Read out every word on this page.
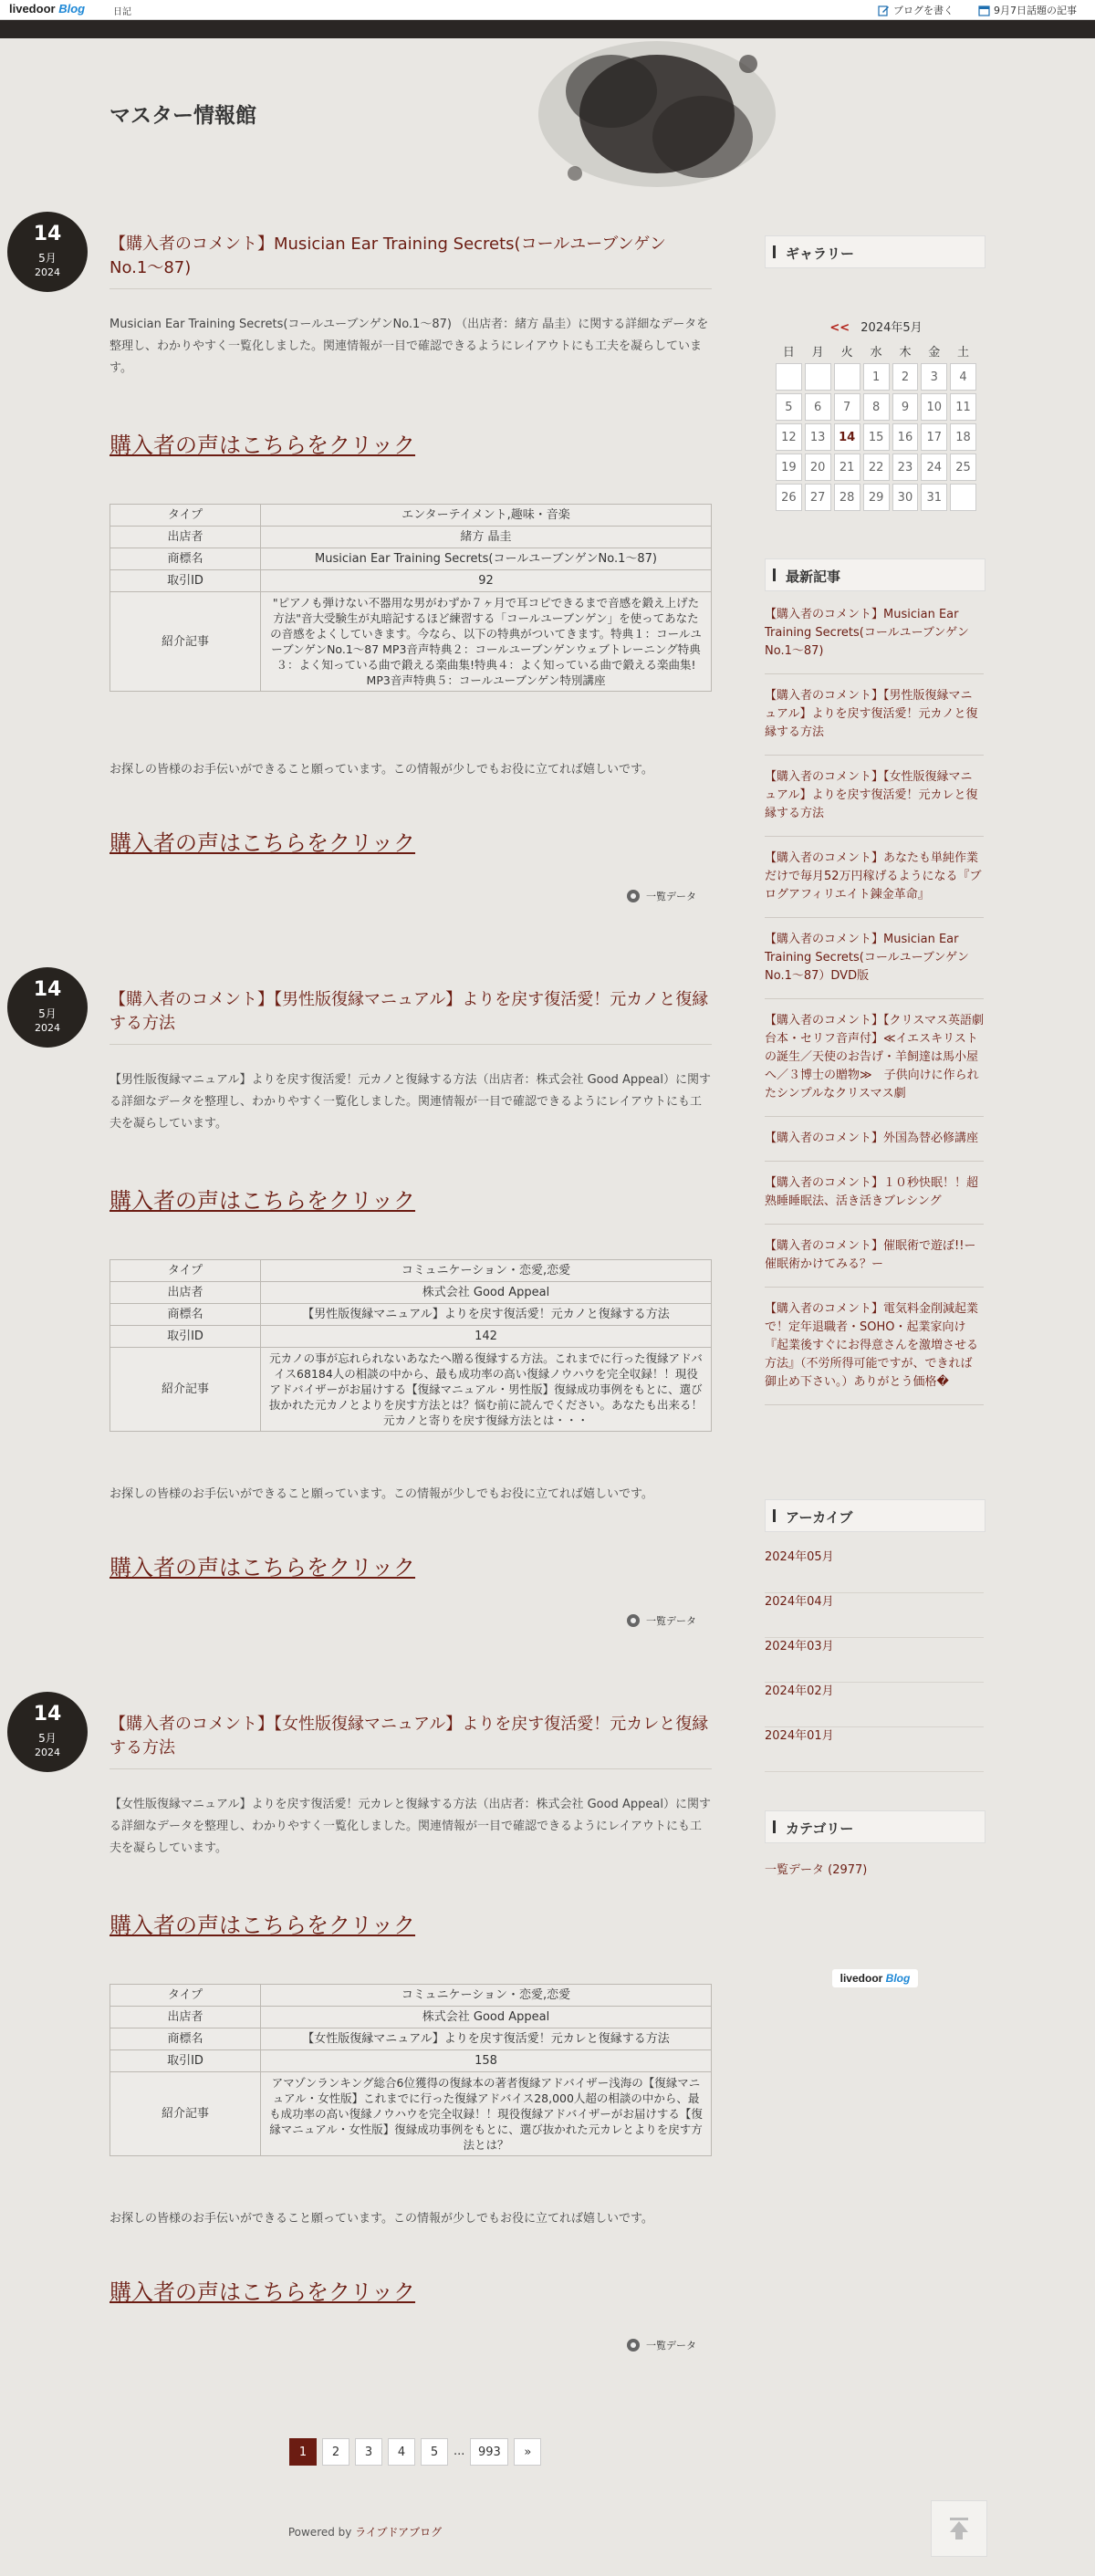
livedoor Blog	日記	ブログを書く	9月7日話題の記事
マスター情報館
14
5月
2024
【購入者のコメント】Musician Ear Training Secrets(コールユーブンゲンNo.1〜87)
Musician Ear Training Secrets(コールユーブンゲンNo.1〜87) （出店者：緒方 晶圭）に関する詳細なデータを整理し、わかりやすく一覧化しました。関連情報が一目で確認できるようにレイアウトにも工夫を凝らしています。
購入者の声はこちらをクリック
タイプ	エンターテイメント,趣味・音楽
出店者	緒方 晶圭
商標名	Musician Ear Training Secrets(コールユーブンゲンNo.1〜87)
取引ID	92
紹介記事	"ピアノも弾けない不器用な男がわずか７ヶ月で耳コピできるまで音感を鍛え上げた方法"音大受験生が丸暗記するほど練習する「コールユーブンゲン」を使ってあなたの音感をよくしていきます。今なら、以下の特典がついてきます。特典１：コールユーブンゲンNo.1〜87 MP3音声特典２：コールユーブンゲンウェブトレーニング特典３：よく知っている曲で鍛える楽曲集!特典４：よく知っている曲で鍛える楽曲集! MP3音声特典５：コールユーブンゲン特別講座
お探しの皆様のお手伝いができること願っています。この情報が少しでもお役に立てれば嬉しいです。
購入者の声はこちらをクリック
一覧データ
14
5月
2024
【購入者のコメント】【男性版復縁マニュアル】よりを戻す復活愛！元カノと復縁する方法
【男性版復縁マニュアル】よりを戻す復活愛！元カノと復縁する方法（出店者：株式会社 Good Appeal）に関する詳細なデータを整理し、わかりやすく一覧化しました。関連情報が一目で確認できるようにレイアウトにも工夫を凝らしています。
購入者の声はこちらをクリック
タイプ	コミュニケーション・恋愛,恋愛
出店者	株式会社 Good Appeal
商標名	【男性版復縁マニュアル】よりを戻す復活愛！元カノと復縁する方法
取引ID	142
紹介記事	元カノの事が忘れられないあなたへ贈る復縁する方法。これまでに行った復縁アドバイス68184人の相談の中から、最も成功率の高い復縁ノウハウを完全収録！！現役アドバイザーがお届けする【復縁マニュアル・男性版】復縁成功事例をもとに、選び抜かれた元カノとよりを戻す方法とは？悩む前に読んでください。あなたも出来る！元カノと寄りを戻す復縁方法とは・・・
お探しの皆様のお手伝いができること願っています。この情報が少しでもお役に立てれば嬉しいです。
購入者の声はこちらをクリック
一覧データ
14
5月
2024
【購入者のコメント】【女性版復縁マニュアル】よりを戻す復活愛！元カレと復縁する方法
【女性版復縁マニュアル】よりを戻す復活愛！元カレと復縁する方法（出店者：株式会社 Good Appeal）に関する詳細なデータを整理し、わかりやすく一覧化しました。関連情報が一目で確認できるようにレイアウトにも工夫を凝らしています。
購入者の声はこちらをクリック
タイプ	コミュニケーション・恋愛,恋愛
出店者	株式会社 Good Appeal
商標名	【女性版復縁マニュアル】よりを戻す復活愛！元カレと復縁する方法
取引ID	158
紹介記事	アマゾンランキング総合6位獲得の復縁本の著者復縁アドバイザー浅海の【復縁マニュアル・女性版】これまでに行った復縁アドバイス28,000人超の相談の中から、最も成功率の高い復縁ノウハウを完全収録！！現役復縁アドバイザーがお届けする【復縁マニュアル・女性版】復縁成功事例をもとに、選び抜かれた元カレとよりを戻す方法とは？
お探しの皆様のお手伝いができること願っています。この情報が少しでもお役に立てれば嬉しいです。
購入者の声はこちらをクリック
一覧データ
ギャラリー
<< 2024年5月
日	月	火	水	木	金	土
			1	2	3	4
5	6	7	8	9	10	11
12	13	14	15	16	17	18
19	20	21	22	23	24	25
26	27	28	29	30	31	
最新記事
【購入者のコメント】Musician Ear Training Secrets(コールユーブンゲンNo.1〜87)
【購入者のコメント】【男性版復縁マニュアル】よりを戻す復活愛！元カノと復縁する方法
【購入者のコメント】【女性版復縁マニュアル】よりを戻す復活愛！元カレと復縁する方法
【購入者のコメント】あなたも単純作業だけで毎月52万円稼げるようになる『ブログアフィリエイト錬金革命』
【購入者のコメント】Musician Ear Training Secrets(コールユーブンゲンNo.1〜87）DVD版
【購入者のコメント】【クリスマス英語劇台本・セリフ音声付】≪イエスキリストの誕生／天使のお告げ・羊飼達は馬小屋へ／３博士の贈物≫　子供向けに作られたシンプルなクリスマス劇
【購入者のコメント】外国為替必修講座
【購入者のコメント】１０秒快眠！！超熟睡睡眠法、活き活きブレシング
【購入者のコメント】催眠術で遊ぼ!!ー催眠術かけてみる？ー
【購入者のコメント】電気料金削減起業で！定年退職者・SOHO・起業家向け『起業後すぐにお得意さんを激増させる方法』（不労所得可能ですが、できれば御止め下さい。）ありがとう価格�
アーカイブ
2024年05月
2024年04月
2024年03月
2024年02月
2024年01月
カテゴリー
一覧データ (2977)
livedoor Blog
1	2	3	4	5	...	993	»
Powered by ライブドアブログ
